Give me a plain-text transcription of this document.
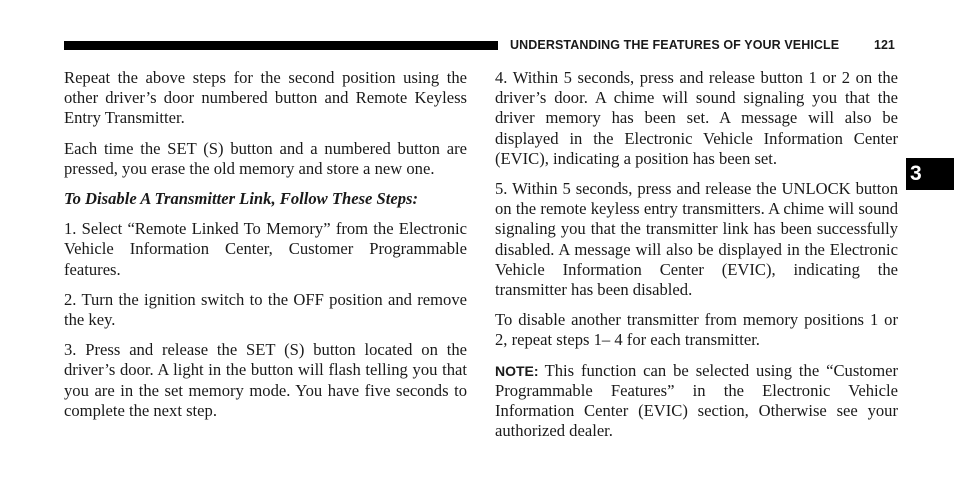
UNDERSTANDING THE FEATURES OF YOUR VEHICLE	121
3

Repeat the above steps for the second position using the other driver’s door numbered button and Remote Keyless Entry Transmitter.

Each time the SET (S) button and a numbered button are pressed, you erase the old memory and store a new one.

To Disable A Transmitter Link, Follow These Steps:

1. Select “Remote Linked To Memory” from the Electronic Vehicle Information Center, Customer Programmable features.

2. Turn the ignition switch to the OFF position and remove the key.

3. Press and release the SET (S) button located on the driver’s door. A light in the button will flash telling you that you are in the set memory mode. You have five seconds to complete the next step.

4. Within 5 seconds, press and release button 1 or 2 on the driver’s door. A chime will sound signaling you that the driver memory has been set. A message will also be displayed in the Electronic Vehicle Information Center (EVIC), indicating a position has been set.

5. Within 5 seconds, press and release the UNLOCK button on the remote keyless entry transmitters. A chime will sound signaling you that the transmitter link has been successfully disabled. A message will also be displayed in the Electronic Vehicle Information Center (EVIC), indicating the transmitter has been disabled.

To disable another transmitter from memory positions 1 or 2, repeat steps 1– 4 for each transmitter.

NOTE: This function can be selected using the “Customer Programmable Features” in the Electronic Vehicle Information Center (EVIC) section, Otherwise see your authorized dealer.
